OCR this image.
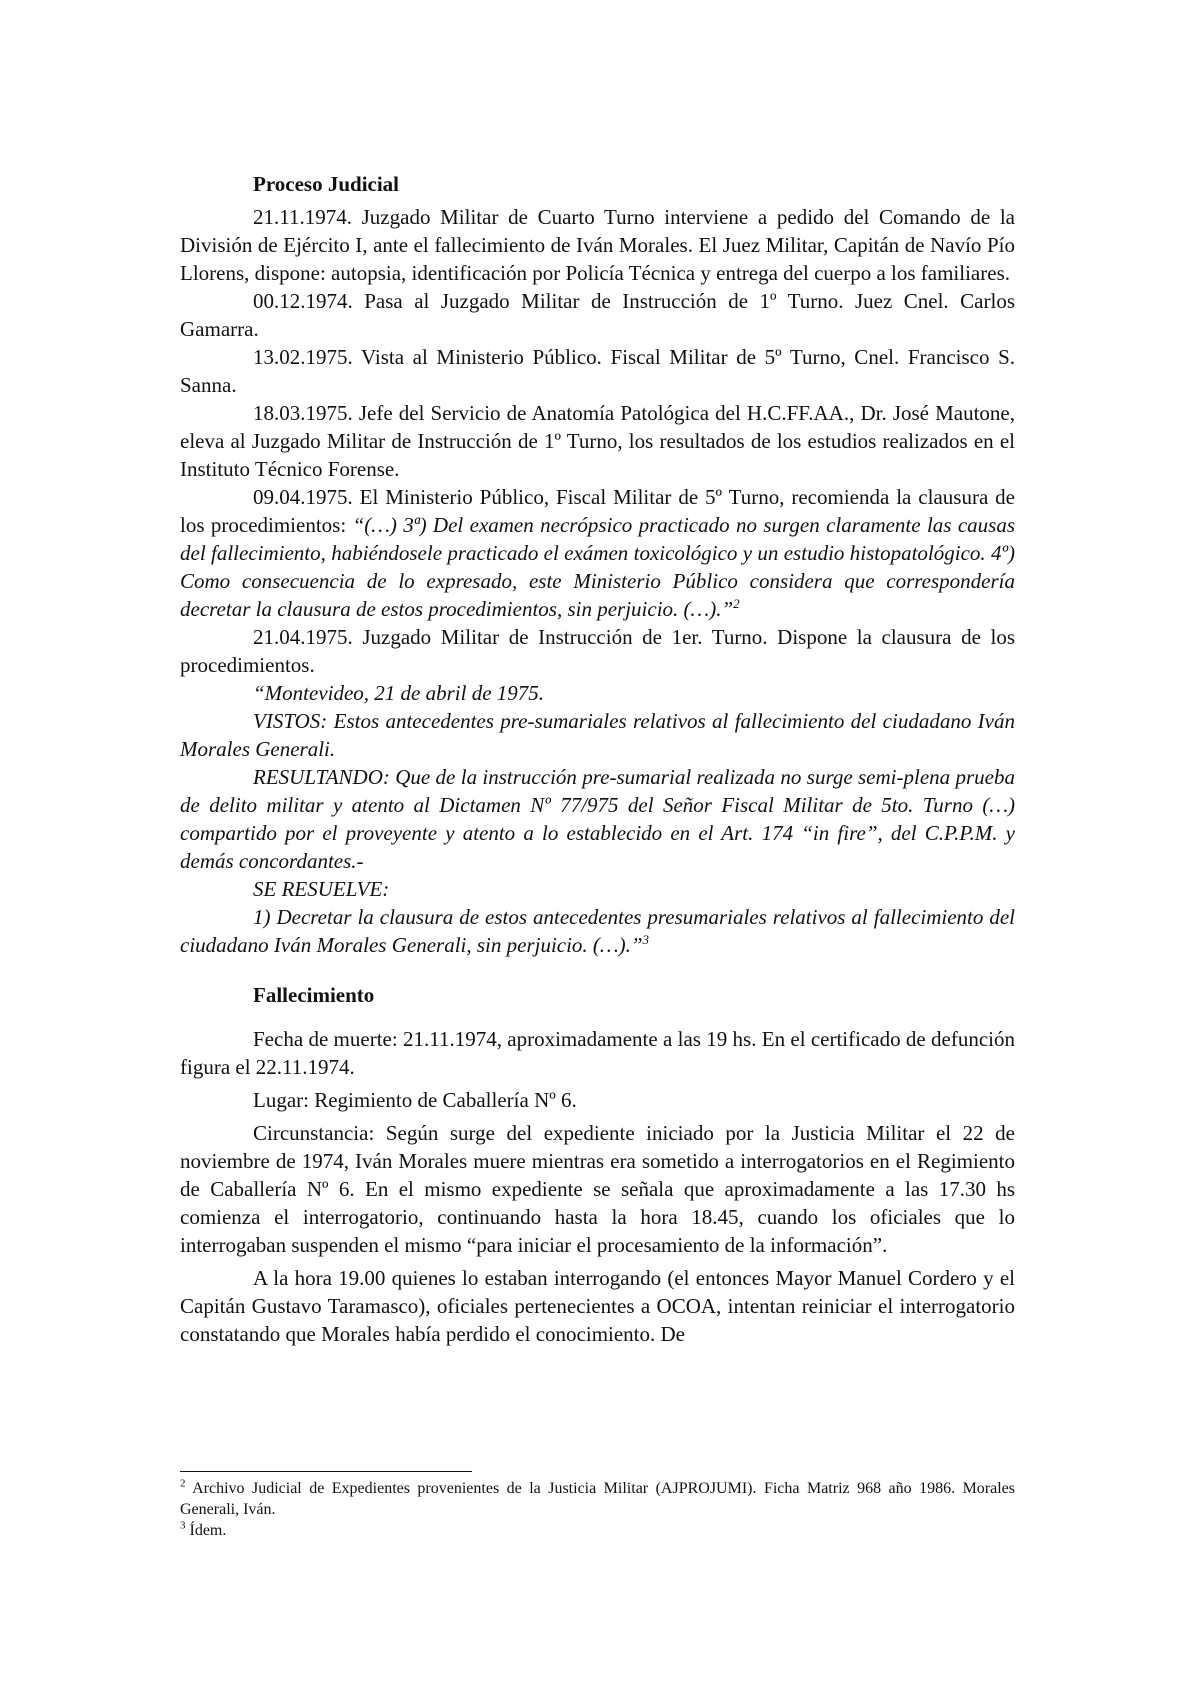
Proceso Judicial
21.11.1974. Juzgado Militar de Cuarto Turno interviene a pedido del Comando de la División de Ejército I, ante el fallecimiento de Iván Morales. El Juez Militar, Capitán de Navío Pío Llorens, dispone: autopsia, identificación por Policía Técnica y entrega del cuerpo a los familiares.
00.12.1974. Pasa al Juzgado Militar de Instrucción de 1º Turno. Juez Cnel. Carlos Gamarra.
13.02.1975. Vista al Ministerio Público. Fiscal Militar de 5º Turno, Cnel. Francisco S. Sanna.
18.03.1975. Jefe del Servicio de Anatomía Patológica del H.C.FF.AA., Dr. José Mautone, eleva al Juzgado Militar de Instrucción de 1º Turno, los resultados de los estudios realizados en el Instituto Técnico Forense.
09.04.1975. El Ministerio Público, Fiscal Militar de 5º Turno, recomienda la clausura de los procedimientos: “(…) 3ª) Del examen necrópsico practicado no surgen claramente las causas del fallecimiento, habiéndosele practicado el exámen toxicológico y un estudio histopatológico. 4º) Como consecuencia de lo expresado, este Ministerio Público considera que correspondería decretar la clausura de estos procedimientos, sin perjuicio. (…).”$^2$
21.04.1975. Juzgado Militar de Instrucción de 1er. Turno. Dispone la clausura de los procedimientos.
“Montevideo, 21 de abril de 1975.
VISTOS: Estos antecedentes pre-sumariales relativos al fallecimiento del ciudadano Iván Morales Generali.
RESULTANDO: Que de la instrucción pre-sumarial realizada no surge semi-plena prueba de delito militar y atento al Dictamen Nº 77/975 del Señor Fiscal Militar de 5to. Turno (…) compartido por el proveyente y atento a lo establecido en el Art. 174 “in fire”, del C.P.P.M. y demás concordantes.-
SE RESUELVE:
1) Decretar la clausura de estos antecedentes presumariales relativos al fallecimiento del ciudadano Iván Morales Generali, sin perjuicio. (…).”$^3$
Fallecimiento
Fecha de muerte: 21.11.1974, aproximadamente a las 19 hs. En el certificado de defunción figura el 22.11.1974.
Lugar: Regimiento de Caballería Nº 6.
Circunstancia: Según surge del expediente iniciado por la Justicia Militar el 22 de noviembre de 1974, Iván Morales muere mientras era sometido a interrogatorios en el Regimiento de Caballería Nº 6. En el mismo expediente se señala que aproximadamente a las 17.30 hs comienza el interrogatorio, continuando hasta la hora 18.45, cuando los oficiales que lo interrogaban suspenden el mismo “para iniciar el procesamiento de la información”.
A la hora 19.00 quienes lo estaban interrogando (el entonces Mayor Manuel Cordero y el Capitán Gustavo Taramasco), oficiales pertenecientes a OCOA, intentan reiniciar el interrogatorio constatando que Morales había perdido el conocimiento. De
$^2$ Archivo Judicial de Expedientes provenientes de la Justicia Militar (AJPROJUMI). Ficha Matriz 968 año 1986. Morales Generali, Iván.
$^3$ Ídem.
